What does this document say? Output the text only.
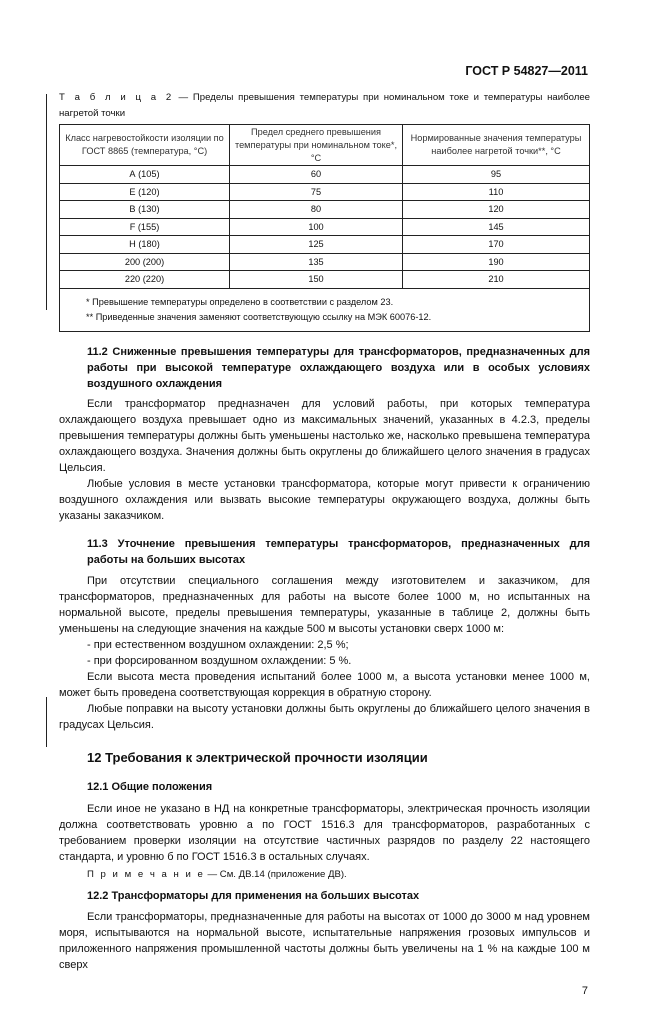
ГОСТ Р 54827—2011
Т а б л и ц а 2 — Пределы превышения температуры при номинальном токе и температуры наиболее нагретой точки
Класс нагревостойкости изоляции по ГОСТ 8865 (температура, °С)	Предел среднего превышения температуры при номинальном токе*, °С	Нормированные значения температуры наиболее нагретой точки**, °С
А (105)	60	95
Е (120)	75	110
В (130)	80	120
F (155)	100	145
Н (180)	125	170
200 (200)	135	190
220 (220)	150	210

* Превышение температуры определено в соответствии с разделом 23.
** Приведенные значения заменяют соответствующую ссылку на МЭК 60076-12.		
11.2 Сниженные превышения температуры для трансформаторов, предназначенных для работы при высокой температуре охлаждающего воздуха или в особых условиях воздушного охлаждения

Если трансформатор предназначен для условий работы, при которых температура охлаждающего воздуха превышает одно из максимальных значений, указанных в 4.2.3, пределы превышения температуры должны быть уменьшены настолько же, насколько превышена температура охлаждающего воздуха. Значения должны быть округлены до ближайшего целого значения в градусах Цельсия.

Любые условия в месте установки трансформатора, которые могут привести к ограничению воздушного охлаждения или вызвать высокие температуры окружающего воздуха, должны быть указаны заказчиком.

11.3 Уточнение превышения температуры трансформаторов, предназначенных для работы на больших высотах

При отсутствии специального соглашения между изготовителем и заказчиком, для трансформаторов, предназначенных для работы на высоте более 1000 м, но испытанных на нормальной высоте, пределы превышения температуры, указанные в таблице 2, должны быть уменьшены на следующие значения на каждые 500 м высоты установки сверх 1000 м:

- при естественном воздушном охлаждении: 2,5 %;

- при форсированном воздушном охлаждении: 5 %.

Если высота места проведения испытаний более 1000 м, а высота установки менее 1000 м, может быть проведена соответствующая коррекция в обратную сторону.

Любые поправки на высоту установки должны быть округлены до ближайшего целого значения в градусах Цельсия.

12 Требования к электрической прочности изоляции
12.1 Общие положения

Если иное не указано в НД на конкретные трансформаторы, электрическая прочность изоляции должна соответствовать уровню а по ГОСТ 1516.3 для трансформаторов, разработанных с требованием проверки изоляции на отсутствие частичных разрядов по разделу 22 настоящего стандарта, и уровню б по ГОСТ 1516.3 в остальных случаях.

П р и м е ч а н и е — См. ДВ.14 (приложение ДВ).

12.2 Трансформаторы для применения на больших высотах

Если трансформаторы, предназначенные для работы на высотах от 1000 до 3000 м над уровнем моря, испытываются на нормальной высоте, испытательные напряжения грозовых импульсов и приложенного напряжения промышленной частоты должны быть увеличены на 1 % на каждые 100 м сверх

7
